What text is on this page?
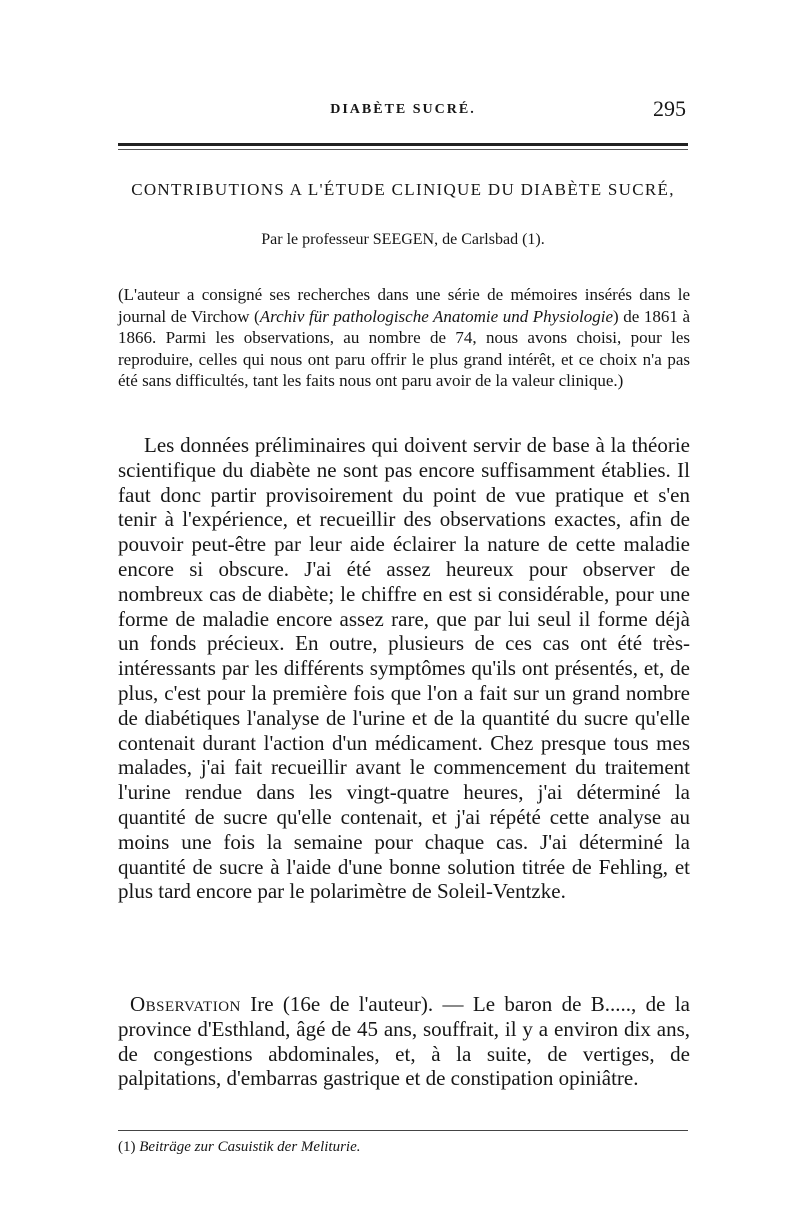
DIABÈTE SUCRÉ.	295
CONTRIBUTIONS A L'ÉTUDE CLINIQUE DU DIABÈTE SUCRÉ,
Par le professeur SEEGEN, de Carlsbad (1).
(L'auteur a consigné ses recherches dans une série de mémoires insérés dans le journal de Virchow (Archiv für pathologische Anatomie und Physiologie) de 1861 à 1866. Parmi les observations, au nombre de 74, nous avons choisi, pour les reproduire, celles qui nous ont paru offrir le plus grand intérêt, et ce choix n'a pas été sans difficultés, tant les faits nous ont paru avoir de la valeur clinique.)

Les données préliminaires qui doivent servir de base à la théorie scientifique du diabète ne sont pas encore suffisamment établies. Il faut donc partir provisoirement du point de vue pratique et s'en tenir à l'expérience, et recueillir des observations exactes, afin de pouvoir peut-être par leur aide éclairer la nature de cette maladie encore si obscure. J'ai été assez heureux pour observer de nombreux cas de diabète; le chiffre en est si considérable, pour une forme de maladie encore assez rare, que par lui seul il forme déjà un fonds précieux. En outre, plusieurs de ces cas ont été très-intéressants par les différents symptômes qu'ils ont présentés, et, de plus, c'est pour la première fois que l'on a fait sur un grand nombre de diabétiques l'analyse de l'urine et de la quantité du sucre qu'elle contenait durant l'action d'un médicament. Chez presque tous mes malades, j'ai fait recueillir avant le commencement du traitement l'urine rendue dans les vingt-quatre heures, j'ai déterminé la quantité de sucre qu'elle contenait, et j'ai répété cette analyse au moins une fois la semaine pour chaque cas. J'ai déterminé la quantité de sucre à l'aide d'une bonne solution titrée de Fehling, et plus tard encore par le polarimètre de Soleil-Ventzke.

Observation Ire (16e de l'auteur). — Le baron de B....., de la province d'Esthland, âgé de 45 ans, souffrait, il y a environ dix ans, de congestions abdominales, et, à la suite, de vertiges, de palpitations, d'embarras gastrique et de constipation opiniâtre.

(1) Beiträge zur Casuistik der Meliturie.
